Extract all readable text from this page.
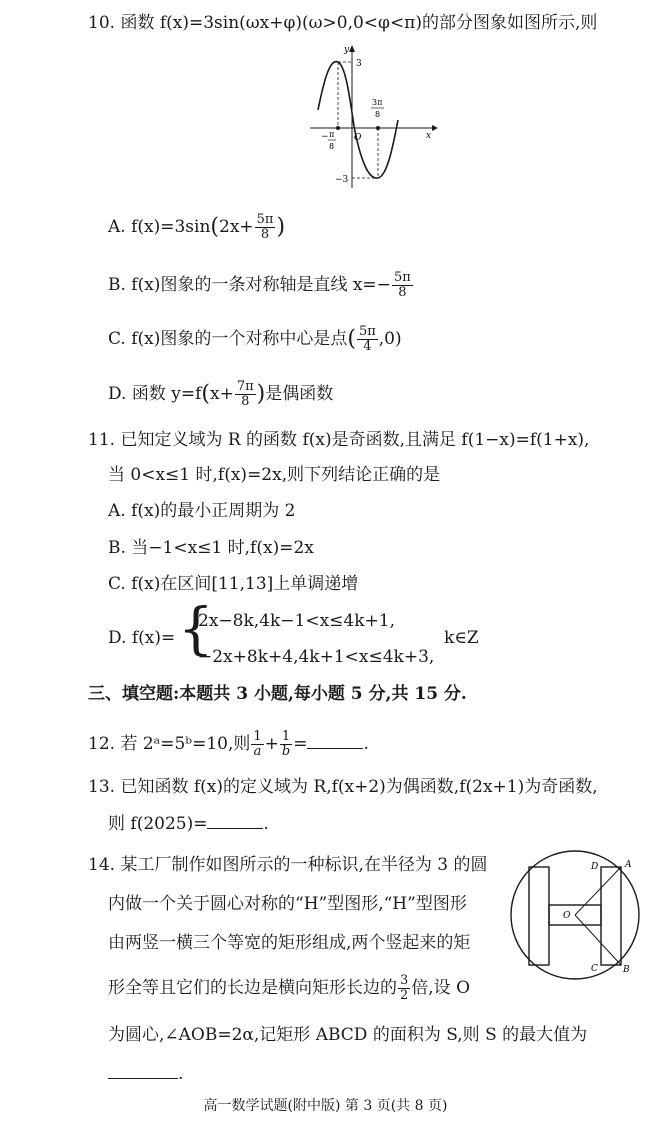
10. 函数 f(x)=3sin(ωx+φ)(ω>0,0<φ<π)的部分图象如图所示,则
y
x
O
3
−3
− π
8
3π
8
A. $f(x)=3\sin(2x+ \frac{5\pi}{8}$ )
B. f(x)图象的一条对称轴是直线 $x=- \frac{5\pi}{8}$
C. f(x)图象的一个对称中心是点( $\frac{5\pi}{4} ,0$)
D. 函数 $y=f(x+ \frac{7\pi}{8}$ )是偶函数
11. 已知定义域为 R 的函数 f(x)是奇函数,且满足 f(1−x)=f(1+x),
当 0<x≤1 时,f(x)=2x,则下列结论正确的是
A. f(x)的最小正周期为 2
B. 当−1<x≤1 时,f(x)=2x
C. f(x)在区间[11,13]上单调递增
D. f(x)= {
2x−8k,4k−1<x≤4k+1,
−2x+8k+4,4k+1<x≤4k+3,
k∈Z
三、填空题:本题共 3 小题,每小题 5 分,共 15 分.
12. 若 2ᵃ=5ᵇ=10,则 $\frac{1}{a} + \frac{1}{b}$ =	.
13. 已知函数 f(x)的定义域为 R,f(x+2)为偶函数,f(2x+1)为奇函数,
则 f(2025)=	.
14. 某工厂制作如图所示的一种标识,在半径为 3 的圆
内做一个关于圆心对称的“H”型图形,“H”型图形
由两竖一横三个等宽的矩形组成,两个竖起来的矩
形全等且它们的长边是横向矩形长边的 $\frac{3}{2}$ 倍,设 O
为圆心,∠AOB=2α,记矩形 ABCD 的面积为 S,则 S 的最大值为
.
A
D
C	B
O
高一数学试题(附中版) 第 3 页(共 8 页)
